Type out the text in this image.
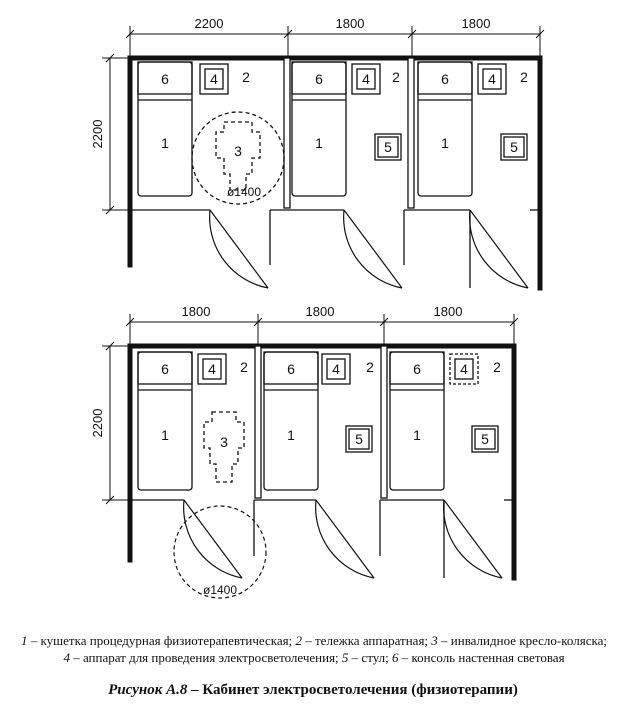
2200	1800	1800
2200
6	4 2
1	3
ø1400
6	4 2
1	5
6	4 2
1	5
1800	1800	1800
2200
6	4 2
1	3
ø1400
6	4 2
1	5
6	4 2
1	5
1 – кушетка процедурная физиотерапевтическая; 2 – тележка аппаратная; 3 – инвалидное кресло-коляска;
4 – аппарат для проведения электросветолечения; 5 – стул; 6 – консоль настенная световая
Рисунок А.8 – Кабинет электросветолечения (физиотерапии)
